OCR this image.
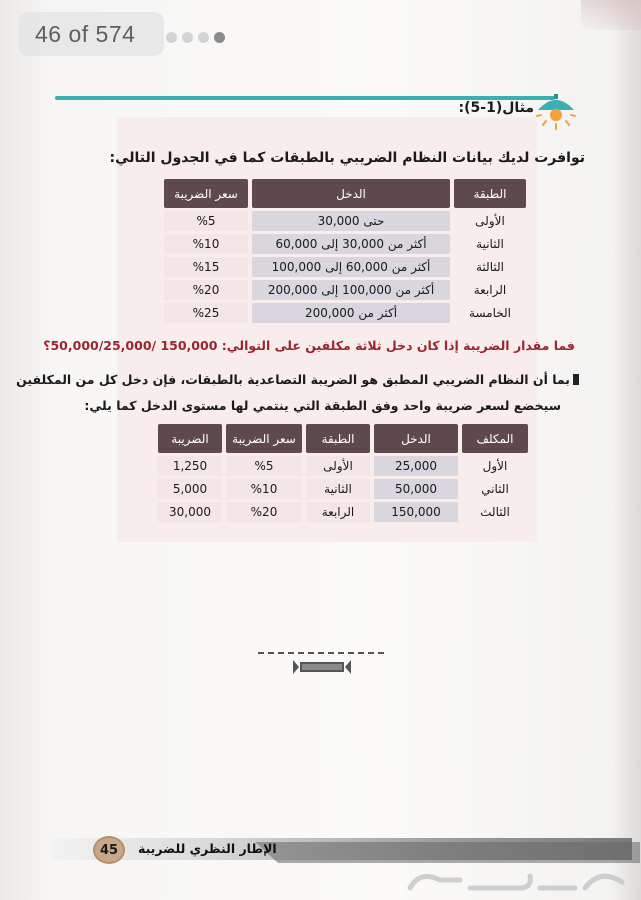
46 of 574
مثال(1-5):
توافرت لديك بيانات النظام الضريبي بالطبقات كما في الجدول التالي:
الطبقة	الدخل	سعر الضريبة
الأولى	حتى 30,000	%5
الثانية	أكثر من 30,000 إلى 60,000	%10
الثالثة	أكثر من 60,000 إلى 100,000	%15
الرابعة	أكثر من 100,000 إلى 200,000	%20
الخامسة	أكثر من 200,000	%25
فما مقدار الضريبة إذا كان دخل ثلاثة مكلفين على التوالي: 150,000 /50,000/25,000؟
بما أن النظام الضريبي المطبق هو الضريبة التصاعدية بالطبقات، فإن دخل كل من المكلفين
سيخضع لسعر ضريبة واحد وفق الطبقة التي ينتمي لها مستوى الدخل كما يلي:
المكلف	الدخل	الطبقة	سعر الضريبة	الضريبة
الأول	25,000	الأولى	%5	1,250
الثاني	50,000	الثانية	%10	5,000
الثالث	150,000	الرابعة	%20	30,000
45 الإطار النظري للضريبة
